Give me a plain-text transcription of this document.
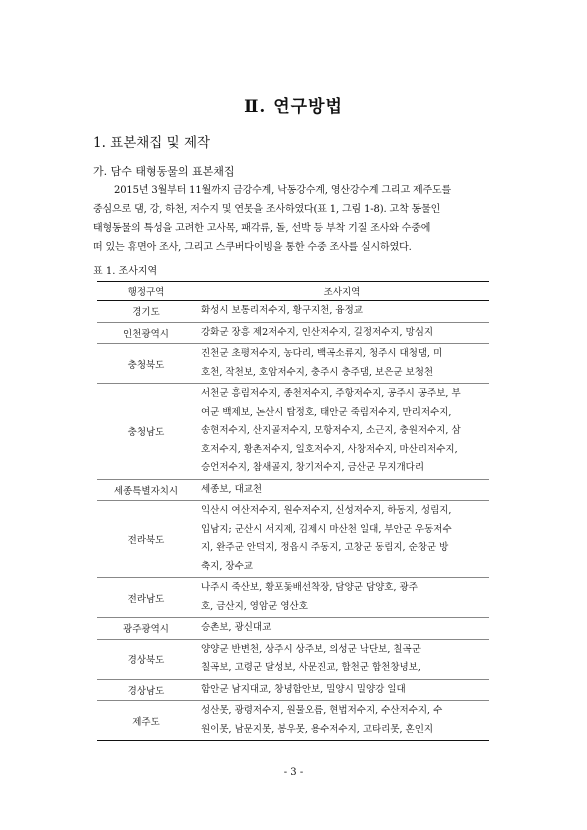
Ⅱ. 연구방법
1. 표본채집 및 제작
가. 담수 태형동물의 표본채집
2015년 3월부터 11월까지 금강수계, 낙동강수계, 영산강수계 그리고 제주도를
중심으로 댐, 강, 하천, 저수지 및 연못을 조사하였다(표 1, 그림 1-8). 고착 동물인
태형동물의 특성을 고려한 고사목, 패각류, 돌, 선박 등 부착 기질 조사와 수중에
떠 있는 휴면아 조사, 그리고 스쿠버다이빙을 통한 수중 조사를 실시하였다.
표 1. 조사지역
행정구역	조사지역
경기도	화성시 보통리저수지, 황구지천, 융정교

인천광역시	강화군 장흥 제2저수지, 인산저수지, 길정저수지, 망심지

충청북도	진천군 초평저수지, 농다리, 백곡소류지, 청주시 대청댐, 미
호천, 작천보, 호암저수지, 충주시 충주댐, 보은군 보청천

충청남도	서천군 흥림저수지, 종천저수지, 주항저수지, 공주시 공주보, 부
여군 백제보, 논산시 탑정호, 태안군 죽림저수지, 만리저수지,
송현저수지, 산지골저수지, 모항저수지, 소근지, 충원저수지, 삼
호저수지, 황촌저수지, 일호저수지, 사창저수지, 마산리저수지,
승언저수지, 참새골지, 창기저수지, 금산군 무지개다리

세종특별자치시	세종보, 대교천

전라북도	익산시 여산저수지, 원수저수지, 신성저수지, 하동지, 성림지,
입남지; 군산시 서지제, 김제시 마산천 일대, 부안군 우동저수
지, 완주군 안덕지, 정읍시 주동지, 고창군 동림지, 순창군 방
축지, 장수교

전라남도	나주시 죽산보, 황포돛배선착장, 담양군 담양호, 광주
호, 금산지, 영암군 영산호

광주광역시	승촌보, 광신대교

경상북도	양양군 반변천, 상주시 상주보, 의성군 낙단보, 칠곡군
칠곡보, 고령군 달성보, 사문진교, 합천군 합천창녕보,

경상남도	함안군 남지대교, 창녕함안보, 밀양시 밀양강 일대

제주도	성산못, 광령저수지, 원물오름, 현법저수지, 수산저수지, 수
원이못, 남문지못, 봉우못, 용수저수지, 고타리못, 혼인지
- 3 -
